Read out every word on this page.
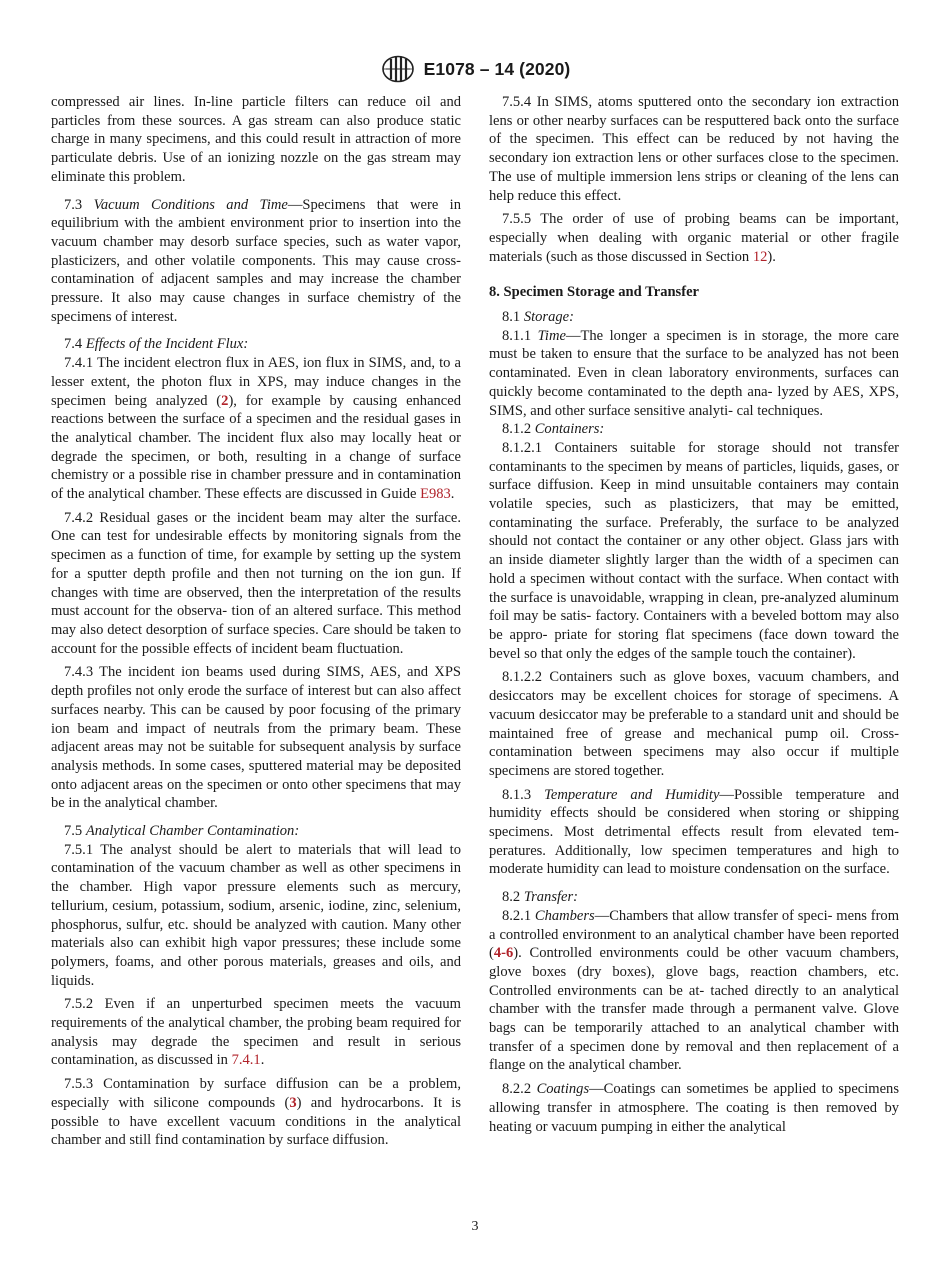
E1078 – 14 (2020)

compressed air lines. In-line particle filters can reduce oil and particles from these sources. A gas stream can also produce static charge in many specimens, and this could result in attraction of more particulate debris. Use of an ionizing nozzle on the gas stream may eliminate this problem.

7.3 Vacuum Conditions and Time—Specimens that were in equilibrium with the ambient environment prior to insertion into the vacuum chamber may desorb surface species, such as water vapor, plasticizers, and other volatile components. This may cause cross-contamination of adjacent samples and may increase the chamber pressure. It also may cause changes in surface chemistry of the specimens of interest.

7.4 Effects of the Incident Flux:

7.4.1 The incident electron flux in AES, ion flux in SIMS, and, to a lesser extent, the photon flux in XPS, may induce changes in the specimen being analyzed (2), for example by causing enhanced reactions between the surface of a specimen and the residual gases in the analytical chamber. The incident flux also may locally heat or degrade the specimen, or both, resulting in a change of surface chemistry or a possible rise in chamber pressure and in contamination of the analytical chamber. These effects are discussed in Guide E983.

7.4.2 Residual gases or the incident beam may alter the surface. One can test for undesirable effects by monitoring signals from the specimen as a function of time, for example by setting up the system for a sputter depth profile and then not turning on the ion gun. If changes with time are observed, then the interpretation of the results must account for the observa- tion of an altered surface. This method may also detect desorption of surface species. Care should be taken to account for the possible effects of incident beam fluctuation.

7.4.3 The incident ion beams used during SIMS, AES, and XPS depth profiles not only erode the surface of interest but can also affect surfaces nearby. This can be caused by poor focusing of the primary ion beam and impact of neutrals from the primary beam. These adjacent areas may not be suitable for subsequent analysis by surface analysis methods. In some cases, sputtered material may be deposited onto adjacent areas on the specimen or onto other specimens that may be in the analytical chamber.

7.5 Analytical Chamber Contamination:

7.5.1 The analyst should be alert to materials that will lead to contamination of the vacuum chamber as well as other specimens in the chamber. High vapor pressure elements such as mercury, tellurium, cesium, potassium, sodium, arsenic, iodine, zinc, selenium, phosphorus, sulfur, etc. should be analyzed with caution. Many other materials also can exhibit high vapor pressures; these include some polymers, foams, and other porous materials, greases and oils, and liquids.

7.5.2 Even if an unperturbed specimen meets the vacuum requirements of the analytical chamber, the probing beam required for analysis may degrade the specimen and result in serious contamination, as discussed in 7.4.1.

7.5.3 Contamination by surface diffusion can be a problem, especially with silicone compounds (3) and hydrocarbons. It is possible to have excellent vacuum conditions in the analytical chamber and still find contamination by surface diffusion.

7.5.4 In SIMS, atoms sputtered onto the secondary ion extraction lens or other nearby surfaces can be resputtered back onto the surface of the specimen. This effect can be reduced by not having the secondary ion extraction lens or other surfaces close to the specimen. The use of multiple immersion lens strips or cleaning of the lens can help reduce this effect.

7.5.5 The order of use of probing beams can be important, especially when dealing with organic material or other fragile materials (such as those discussed in Section 12).

8. Specimen Storage and Transfer

8.1 Storage:

8.1.1 Time—The longer a specimen is in storage, the more care must be taken to ensure that the surface to be analyzed has not been contaminated. Even in clean laboratory environments, surfaces can quickly become contaminated to the depth ana- lyzed by AES, XPS, SIMS, and other surface sensitive analyti- cal techniques.

8.1.2 Containers:

8.1.2.1 Containers suitable for storage should not transfer contaminants to the specimen by means of particles, liquids, gases, or surface diffusion. Keep in mind unsuitable containers may contain volatile species, such as plasticizers, that may be emitted, contaminating the surface. Preferably, the surface to be analyzed should not contact the container or any other object. Glass jars with an inside diameter slightly larger than the width of a specimen can hold a specimen without contact with the surface. When contact with the surface is unavoidable, wrapping in clean, pre-analyzed aluminum foil may be satis- factory. Containers with a beveled bottom may also be appro- priate for storing flat specimens (face down toward the bevel so that only the edges of the sample touch the container).

8.1.2.2 Containers such as glove boxes, vacuum chambers, and desiccators may be excellent choices for storage of specimens. A vacuum desiccator may be preferable to a standard unit and should be maintained free of grease and mechanical pump oil. Cross-contamination between specimens may also occur if multiple specimens are stored together.

8.1.3 Temperature and Humidity—Possible temperature and humidity effects should be considered when storing or shipping specimens. Most detrimental effects result from elevated tem- peratures. Additionally, low specimen temperatures and high to moderate humidity can lead to moisture condensation on the surface.

8.2 Transfer:

8.2.1 Chambers—Chambers that allow transfer of speci- mens from a controlled environment to an analytical chamber have been reported (4-6). Controlled environments could be other vacuum chambers, glove boxes (dry boxes), glove bags, reaction chambers, etc. Controlled environments can be at- tached directly to an analytical chamber with the transfer made through a permanent valve. Glove bags can be temporarily attached to an analytical chamber with transfer of a specimen done by removal and then replacement of a flange on the analytical chamber.

8.2.2 Coatings—Coatings can sometimes be applied to specimens allowing transfer in atmosphere. The coating is then removed by heating or vacuum pumping in either the analytical

3
